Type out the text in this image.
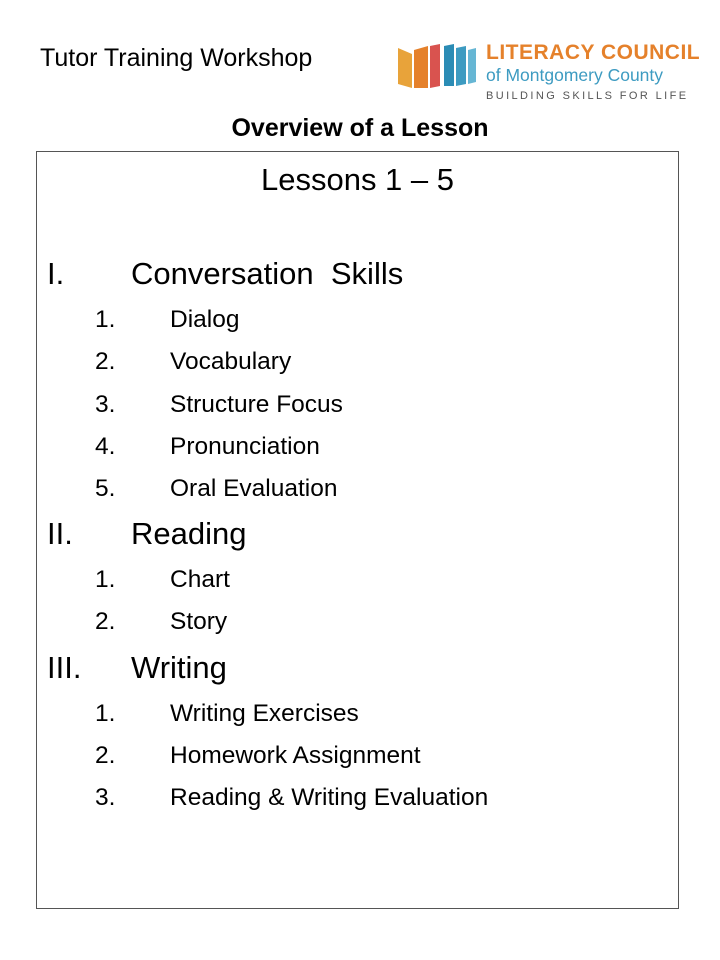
Tutor Training Workshop	LITERACY COUNCIL
of Montgomery County
BUILDING SKILLS FOR LIFE
Overview of a Lesson
Lessons 1 – 5
I. Conversation  Skills
1. Dialog
2. Vocabulary
3. Structure Focus
4. Pronunciation
5. Oral Evaluation
II. Reading
1. Chart
2. Story
III. Writing
1. Writing Exercises
2. Homework Assignment
3. Reading & Writing Evaluation
